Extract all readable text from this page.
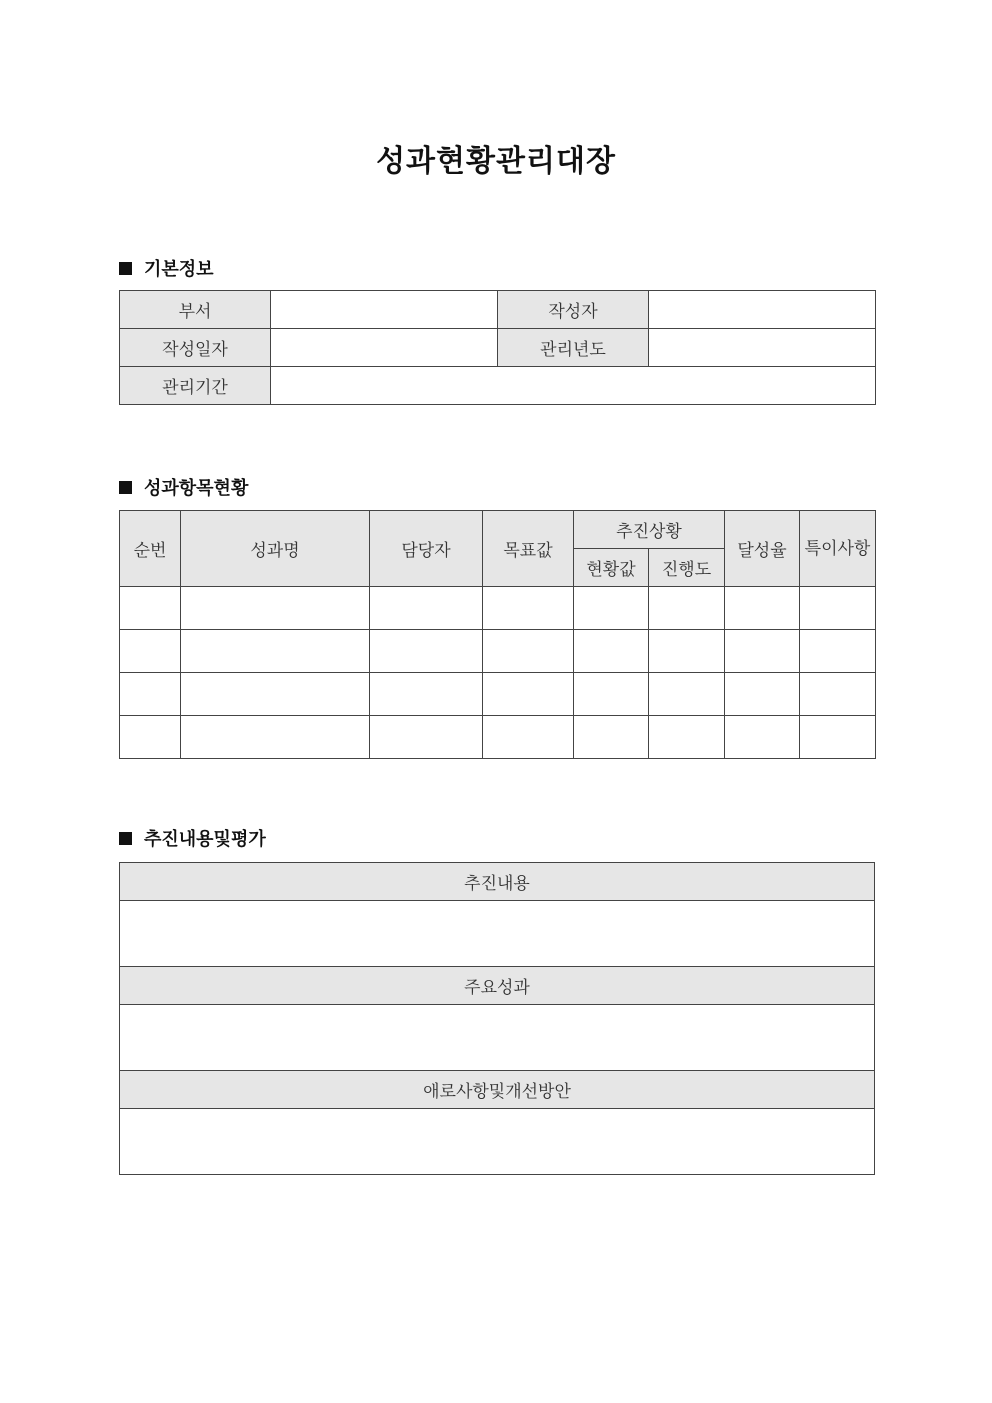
성과현황관리대장
기본정보
부서		작성자	
작성일자		관리년도	
관리기간			
성과항목현황
순번	성과명	담당자	목표값	추진상황		달성율	특이사항
				현황값	진행도		

추진내용및평가
추진내용

주요성과

애로사항및개선방안
